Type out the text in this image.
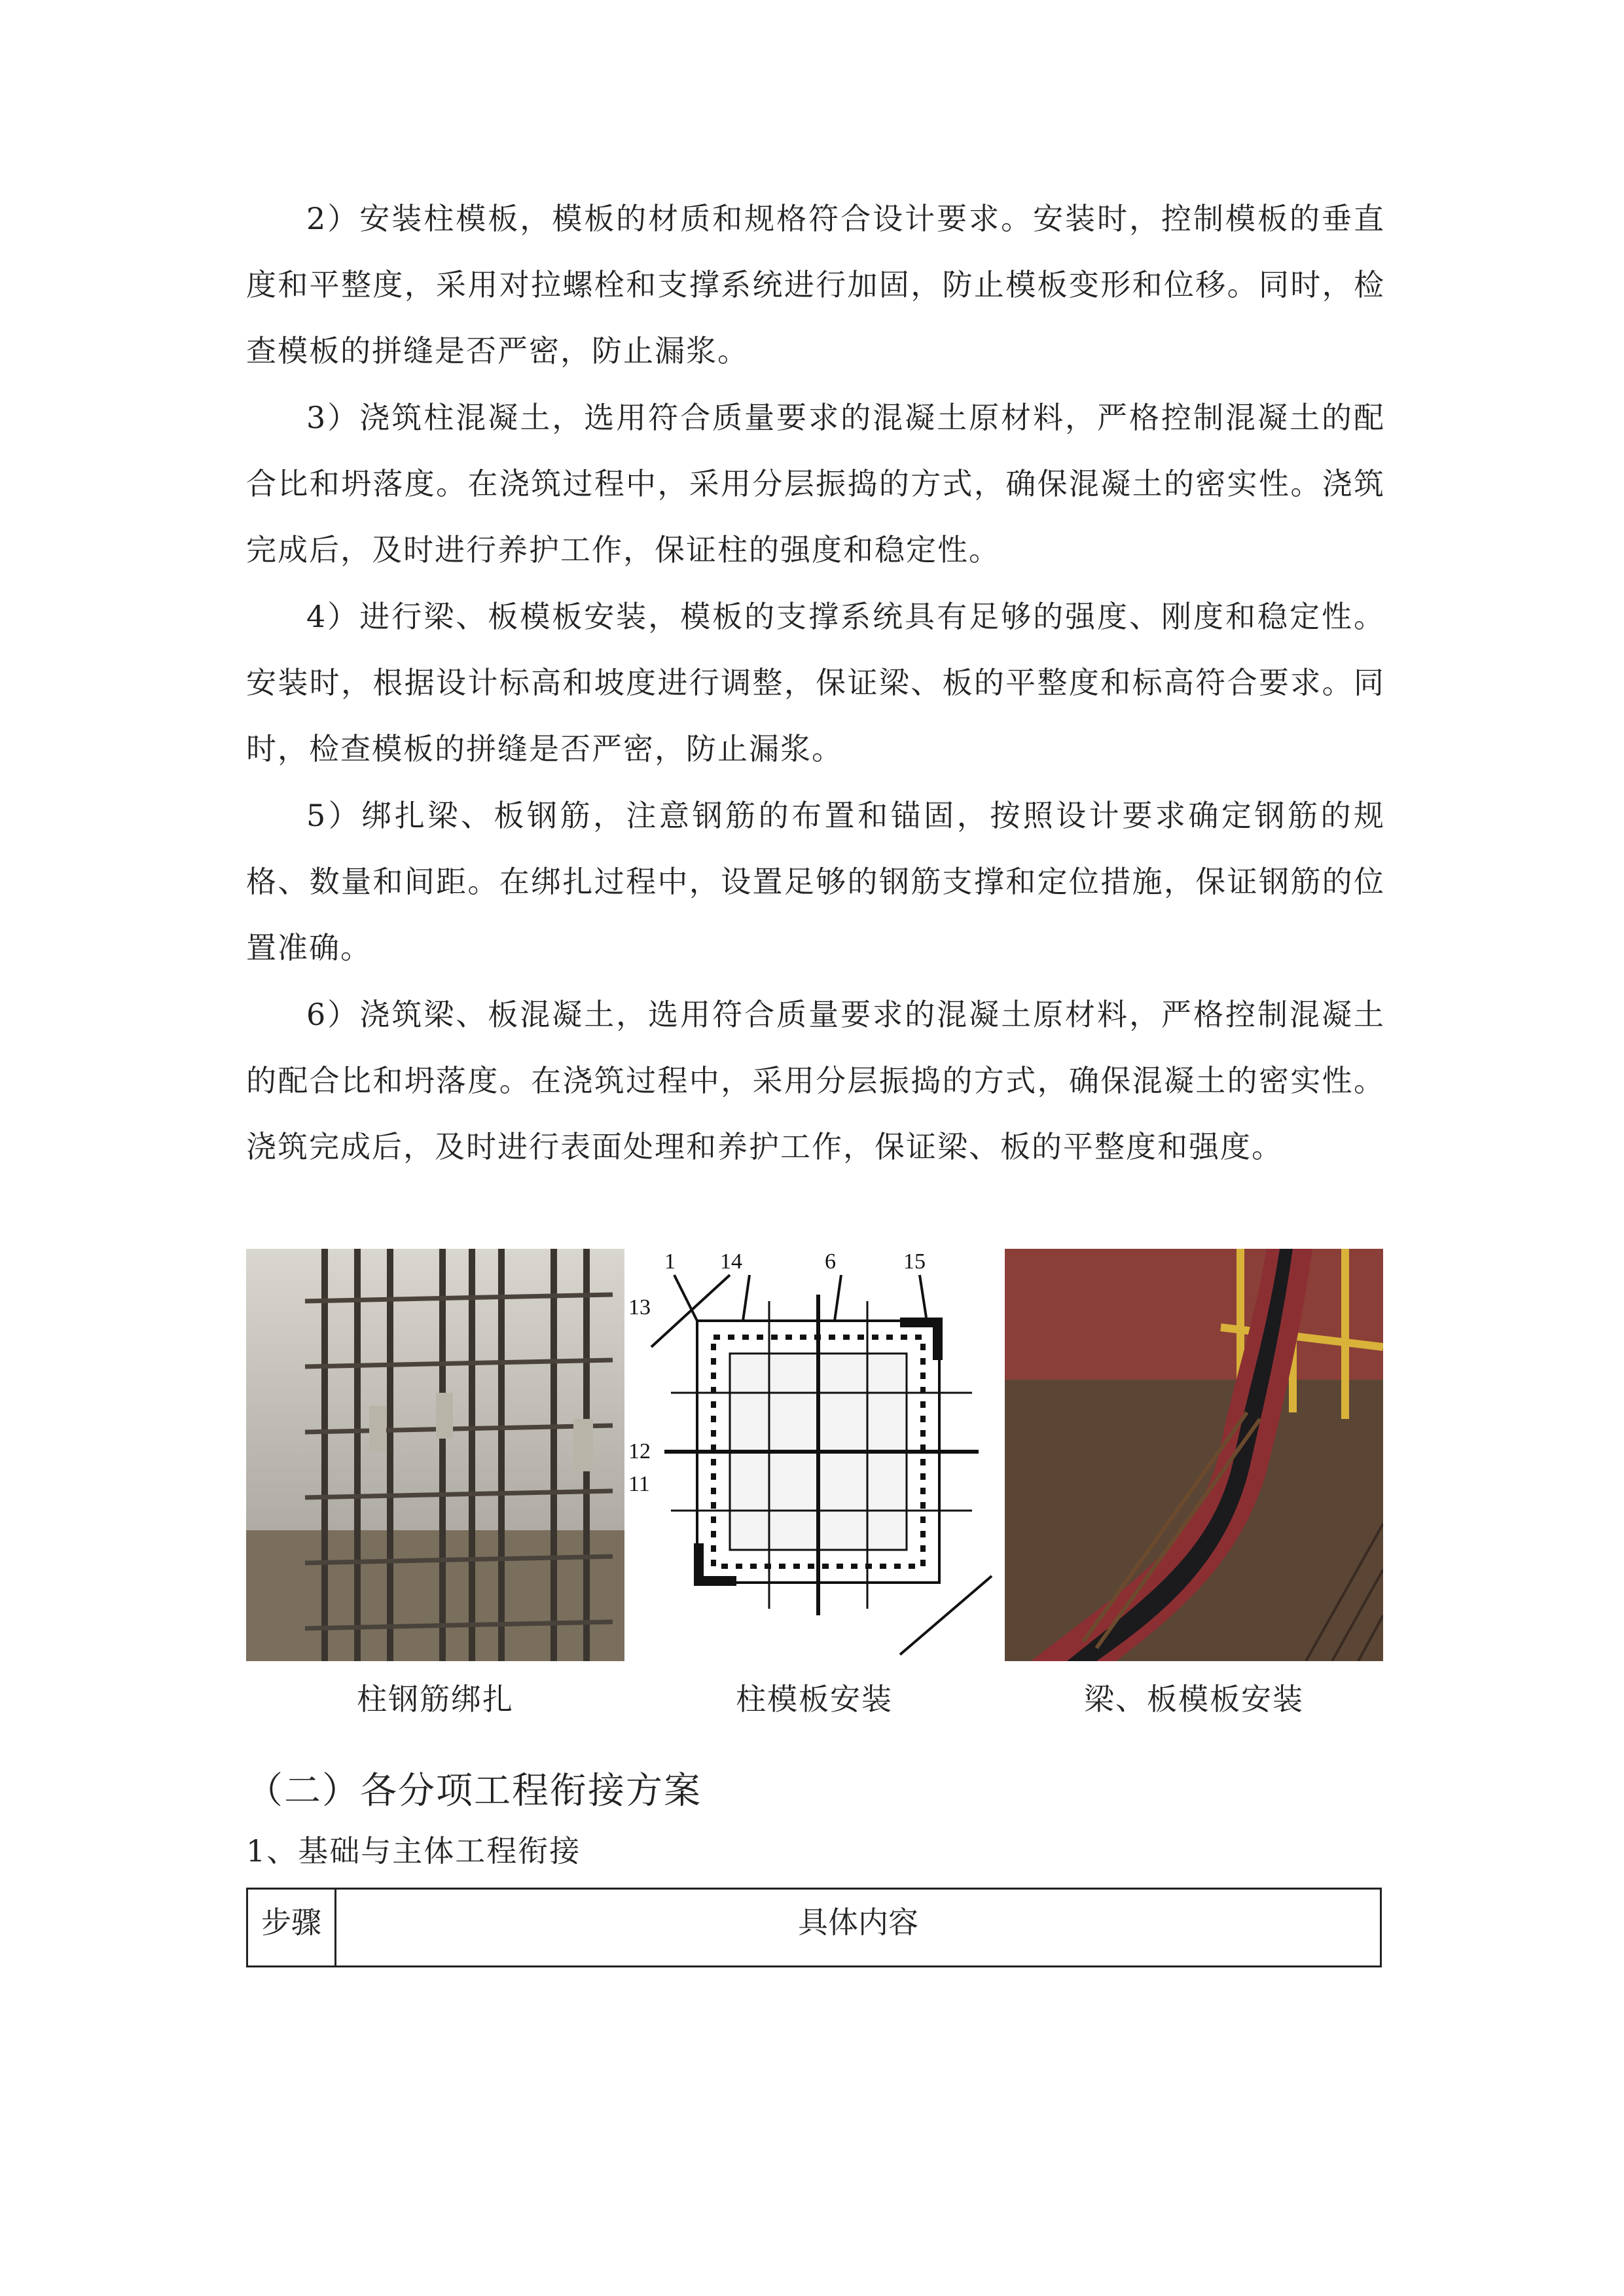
2）安装柱模板，模板的材质和规格符合设计要求。安装时，控制模板的垂直度和平整度，采用对拉螺栓和支撑系统进行加固，防止模板变形和位移。同时，检查模板的拼缝是否严密，防止漏浆。

3）浇筑柱混凝土，选用符合质量要求的混凝土原材料，严格控制混凝土的配合比和坍落度。在浇筑过程中，采用分层振捣的方式，确保混凝土的密实性。浇筑完成后，及时进行养护工作，保证柱的强度和稳定性。

4）进行梁、板模板安装，模板的支撑系统具有足够的强度、刚度和稳定性。安装时，根据设计标高和坡度进行调整，保证梁、板的平整度和标高符合要求。同时，检查模板的拼缝是否严密，防止漏浆。

5）绑扎梁、板钢筋，注意钢筋的布置和锚固，按照设计要求确定钢筋的规格、数量和间距。在绑扎过程中，设置足够的钢筋支撑和定位措施，保证钢筋的位置准确。

6）浇筑梁、板混凝土，选用符合质量要求的混凝土原材料，严格控制混凝土的配合比和坍落度。在浇筑过程中，采用分层振捣的方式，确保混凝土的密实性。浇筑完成后，及时进行表面处理和养护工作，保证梁、板的平整度和强度。

1 14	6	15
13
12
11
柱钢筋绑扎	柱模板安装	梁、板模板安装
（二）各分项工程衔接方案
1、基础与主体工程衔接
步骤	具体内容
